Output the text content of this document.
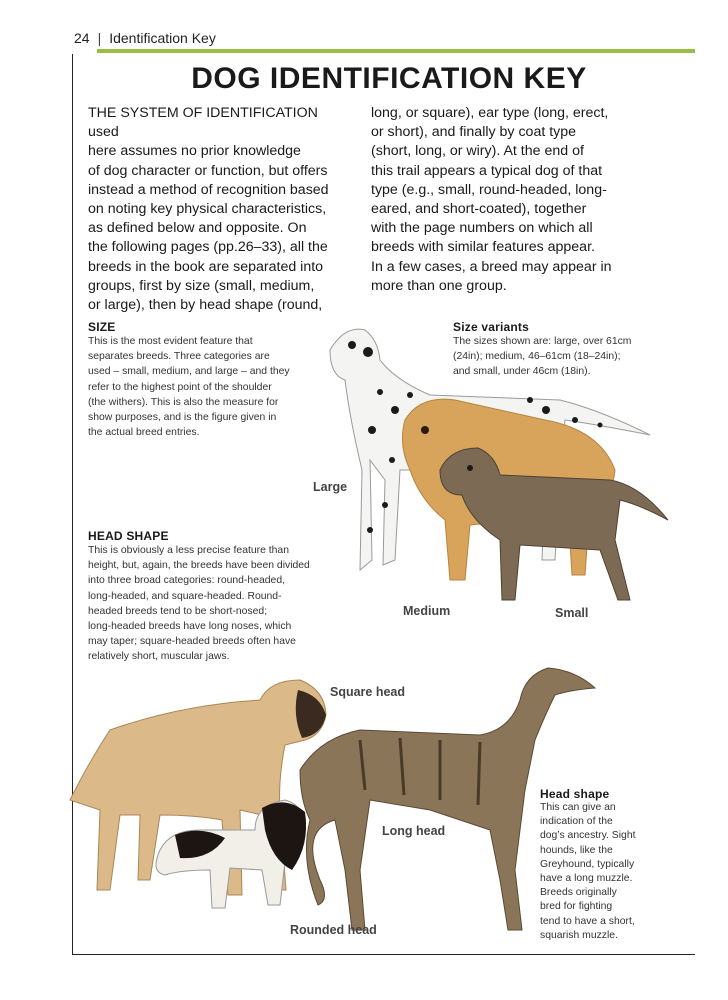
24 | Identification Key
DOG IDENTIFICATION KEY
THE SYSTEM OF IDENTIFICATION used
here assumes no prior knowledge
of dog character or function, but offers
instead a method of recognition based
on noting key physical characteristics,
as defined below and opposite. On
the following pages (pp.26–33), all the
breeds in the book are separated into
groups, first by size (small, medium,
or large), then by head shape (round,
long, or square), ear type (long, erect,
or short), and finally by coat type
(short, long, or wiry). At the end of
this trail appears a typical dog of that
type (e.g., small, round-headed, long-
eared, and short-coated), together
with the page numbers on which all
breeds with similar features appear.
In a few cases, a breed may appear in
more than one group.
SIZE
This is the most evident feature that
separates breeds. Three categories are
used – small, medium, and large – and they
refer to the highest point of the shoulder
(the withers). This is also the measure for
show purposes, and is the figure given in
the actual breed entries.
Size variants
The sizes shown are: large, over 61cm
(24in); medium, 46–61cm (18–24in);
and small, under 46cm (18in).
HEAD SHAPE
This is obviously a less precise feature than
height, but, again, the breeds have been divided
into three broad categories: round-headed,
long-headed, and square-headed. Round-
headed breeds tend to be short-nosed;
long-headed breeds have long noses, which
may taper; square-headed breeds often have
relatively short, muscular jaws.
Head shape
This can give an
indication of the
dog’s ancestry. Sight
hounds, like the
Greyhound, typically
have a long muzzle.
Breeds originally
bred for fighting
tend to have a short,
squarish muzzle.
Large
Medium	Small
Square head
Long head
Rounded head
